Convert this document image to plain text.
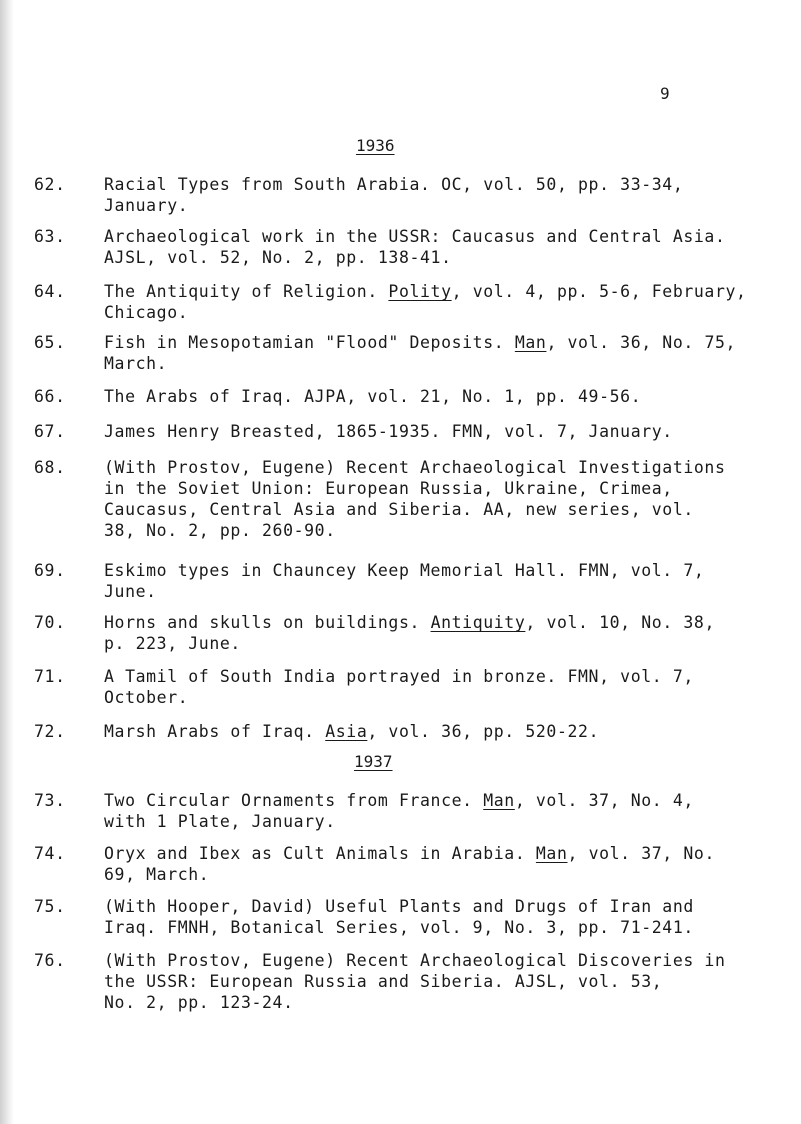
9
1936
62.	Racial Types from South Arabia. OC, vol. 50, pp. 33-34,
January.
63.	Archaeological work in the USSR: Caucasus and Central Asia.
AJSL, vol. 52, No. 2, pp. 138-41.
64.	The Antiquity of Religion. Polity, vol. 4, pp. 5-6, February,
Chicago.
65.	Fish in Mesopotamian "Flood" Deposits. Man, vol. 36, No. 75,
March.
66.	The Arabs of Iraq. AJPA, vol. 21, No. 1, pp. 49-56.
67.	James Henry Breasted, 1865-1935. FMN, vol. 7, January.
68.	(With Prostov, Eugene) Recent Archaeological Investigations
in the Soviet Union: European Russia, Ukraine, Crimea,
Caucasus, Central Asia and Siberia. AA, new series, vol.
38, No. 2, pp. 260-90.
69.	Eskimo types in Chauncey Keep Memorial Hall. FMN, vol. 7,
June.
70.	Horns and skulls on buildings. Antiquity, vol. 10, No. 38,
p. 223, June.
71.	A Tamil of South India portrayed in bronze. FMN, vol. 7,
October.
72.	Marsh Arabs of Iraq. Asia, vol. 36, pp. 520-22.
1937
73.	Two Circular Ornaments from France. Man, vol. 37, No. 4,
with 1 Plate, January.
74.	Oryx and Ibex as Cult Animals in Arabia. Man, vol. 37, No.
69, March.
75.	(With Hooper, David) Useful Plants and Drugs of Iran and
Iraq. FMNH, Botanical Series, vol. 9, No. 3, pp. 71-241.
76.	(With Prostov, Eugene) Recent Archaeological Discoveries in
the USSR: European Russia and Siberia. AJSL, vol. 53,
No. 2, pp. 123-24.
